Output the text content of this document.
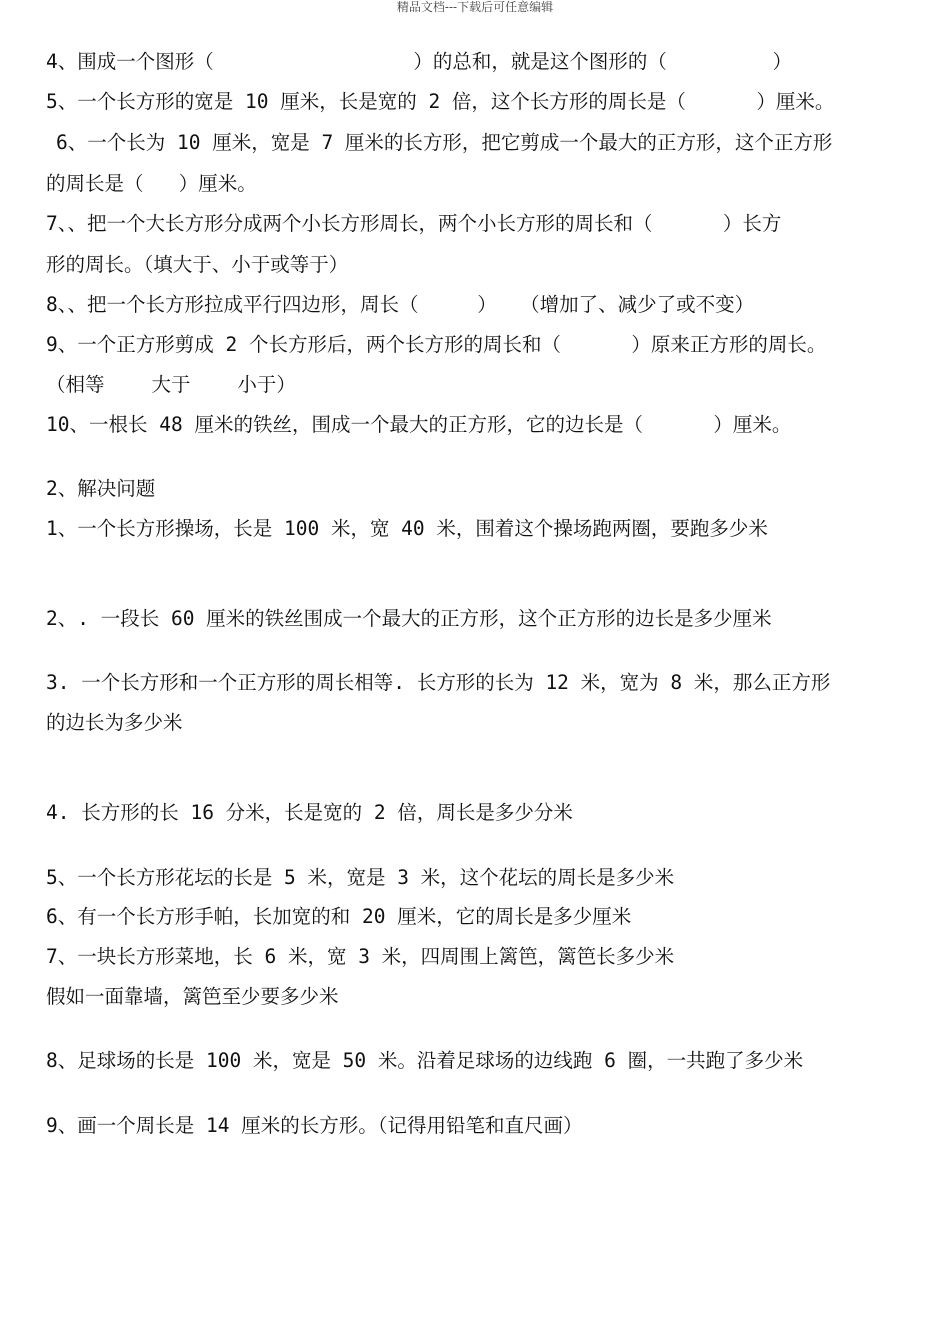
精品文档---下载后可任意编辑
4、围成一个图形（                 ）的总和，就是这个图形的（         ）
5、一个长方形的宽是 10 厘米，长是宽的 2 倍，这个长方形的周长是（      ）厘米。
6、一个长为 10 厘米，宽是 7 厘米的长方形，把它剪成一个最大的正方形，这个正方形
的周长是（   ）厘米。
7、、把一个大长方形分成两个小长方形周长，两个小长方形的周长和（      ）长方
形的周长。（填大于、小于或等于）
8、、把一个长方形拉成平行四边形，周长（     ）  （增加了、减少了或不变）
9、一个正方形剪成 2 个长方形后，两个长方形的周长和（      ）原来正方形的周长。
（相等    大于    小于）
10、一根长 48 厘米的铁丝，围成一个最大的正方形，它的边长是（      ）厘米。
2、解决问题
1、一个长方形操场，长是 100 米，宽 40 米，围着这个操场跑两圈，要跑多少米
2、. 一段长 60 厘米的铁丝围成一个最大的正方形，这个正方形的边长是多少厘米
3. 一个长方形和一个正方形的周长相等. 长方形的长为 12 米，宽为 8 米，那么正方形
的边长为多少米
4. 长方形的长 16 分米，长是宽的 2 倍，周长是多少分米
5、一个长方形花坛的长是 5 米，宽是 3 米，这个花坛的周长是多少米
6、有一个长方形手帕，长加宽的和 20 厘米，它的周长是多少厘米
7、一块长方形菜地，长 6 米，宽 3 米，四周围上篱笆，篱笆长多少米
假如一面靠墙，篱笆至少要多少米
8、足球场的长是 100 米，宽是 50 米。沿着足球场的边线跑 6 圈，一共跑了多少米
9、画一个周长是 14 厘米的长方形。（记得用铅笔和直尺画）
